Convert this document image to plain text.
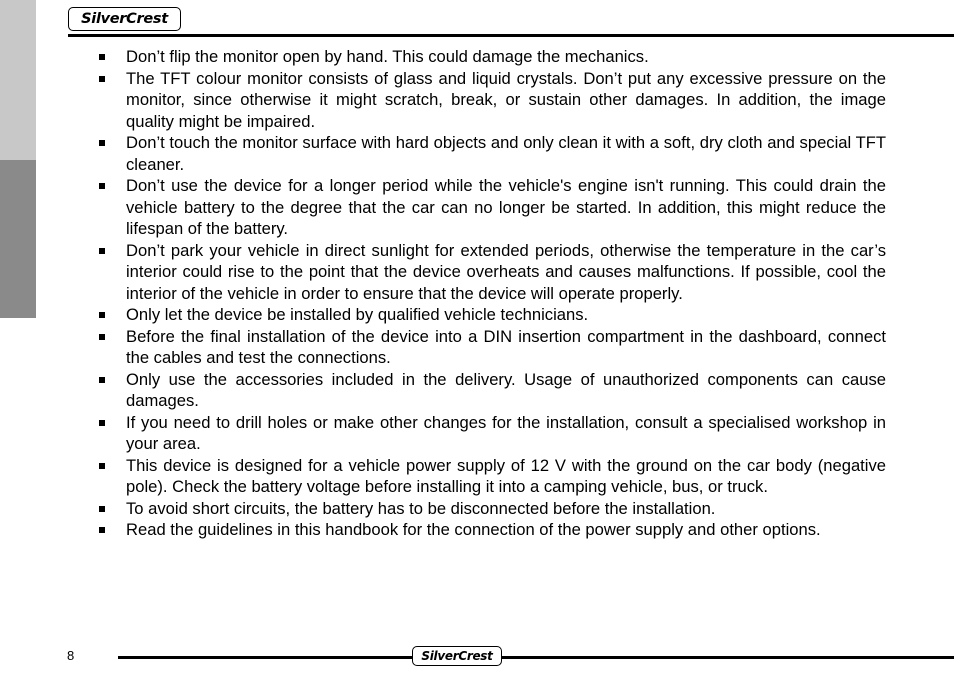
SilverCrest
Don’t flip the monitor open by hand. This could damage the mechanics.
The TFT colour monitor consists of glass and liquid crystals. Don’t put any excessive pressure on the monitor, since otherwise it might scratch, break, or sustain other damages. In addition, the image quality might be impaired.
Don’t touch the monitor surface with hard objects and only clean it with a soft, dry cloth and special TFT cleaner.
Don’t use the device for a longer period while the vehicle's engine isn't running. This could drain the vehicle battery to the degree that the car can no longer be started. In addition, this might reduce the lifespan of the battery.
Don’t park your vehicle in direct sunlight for extended periods, otherwise the temperature in the car’s interior could rise to the point that the device overheats and causes malfunctions. If possible, cool the interior of the vehicle in order to ensure that the device will operate properly.
Only let the device be installed by qualified vehicle technicians.
Before the final installation of the device into a DIN insertion compartment in the dashboard, connect the cables and test the connections.
Only use the accessories included in the delivery. Usage of unauthorized components can cause damages.
If you need to drill holes or make other changes for the installation, consult a specialised workshop in your area.
This device is designed for a vehicle power supply of 12 V with the ground on the car body (negative pole). Check the battery voltage before installing it into a camping vehicle, bus, or truck.
To avoid short circuits, the battery has to be disconnected before the installation.
Read the guidelines in this handbook for the connection of the power supply and other options.
8	SilverCrest
